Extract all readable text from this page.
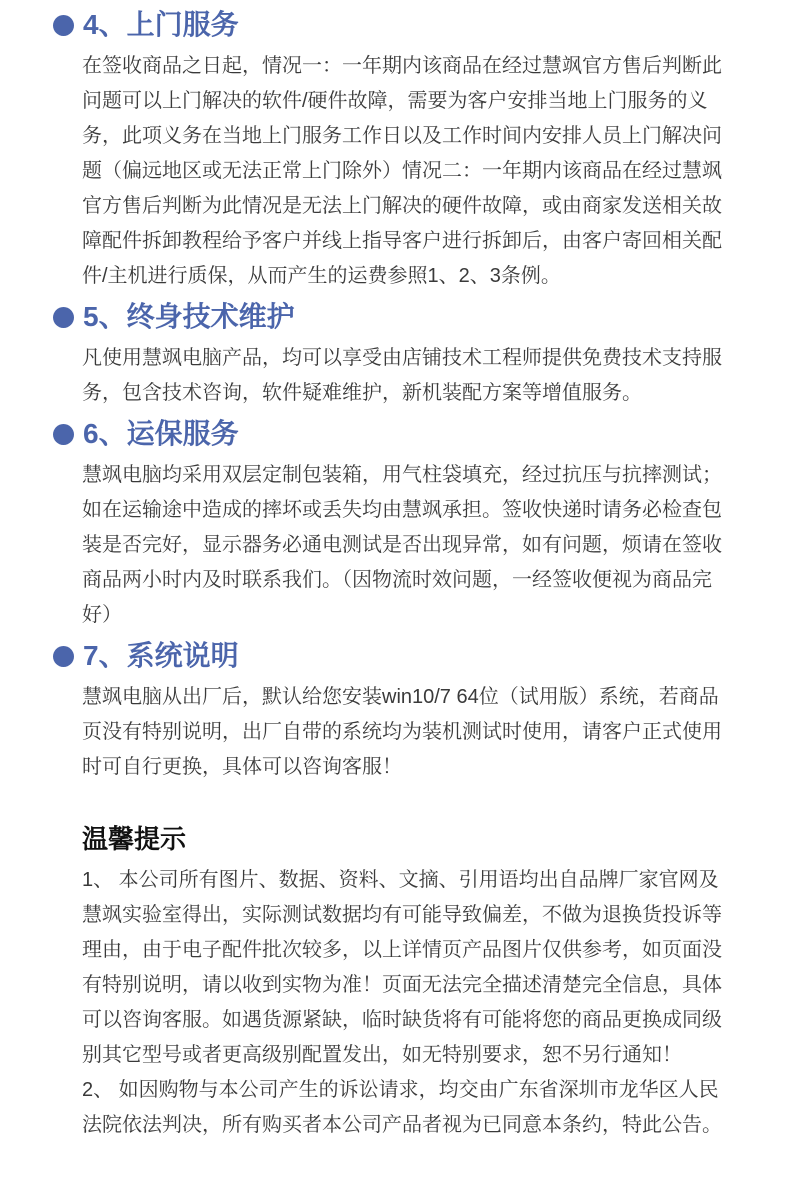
4、上门服务

在签收商品之日起，情况一：一年期内该商品在经过慧飒官方售后判断此问题可以上门解决的软件/硬件故障，需要为客户安排当地上门服务的义务，此项义务在当地上门服务工作日以及工作时间内安排人员上门解决问题（偏远地区或无法正常上门除外）情况二：一年期内该商品在经过慧飒官方售后判断为此情况是无法上门解决的硬件故障，或由商家发送相关故障配件拆卸教程给予客户并线上指导客户进行拆卸后，由客户寄回相关配件/主机进行质保，从而产生的运费参照1、2、3条例。

5、终身技术维护

凡使用慧飒电脑产品，均可以享受由店铺技术工程师提供免费技术支持服务，包含技术咨询，软件疑难维护，新机装配方案等增值服务。

6、运保服务

慧飒电脑均采用双层定制包装箱，用气柱袋填充，经过抗压与抗摔测试；如在运输途中造成的摔坏或丢失均由慧飒承担。签收快递时请务必检查包装是否完好，显示器务必通电测试是否出现异常，如有问题，烦请在签收商品两小时内及时联系我们。（因物流时效问题，一经签收便视为商品完好）

7、系统说明

慧飒电脑从出厂后，默认给您安装win10/7 64位（试用版）系统，若商品页没有特别说明，出厂自带的系统均为装机测试时使用，请客户正式使用时可自行更换，具体可以咨询客服！

温馨提示

1、 本公司所有图片、数据、资料、文摘、引用语均出自品牌厂家官网及慧飒实验室得出，实际测试数据均有可能导致偏差，不做为退换货投诉等理由，由于电子配件批次较多，以上详情页产品图片仅供参考，如页面没有特别说明，请以收到实物为准！页面无法完全描述清楚完全信息，具体可以咨询客服。如遇货源紧缺，临时缺货将有可能将您的商品更换成同级别其它型号或者更高级别配置发出，如无特别要求，恕不另行通知！

2、 如因购物与本公司产生的诉讼请求，均交由广东省深圳市龙华区人民法院依法判决，所有购买者本公司产品者视为已同意本条约，特此公告。
